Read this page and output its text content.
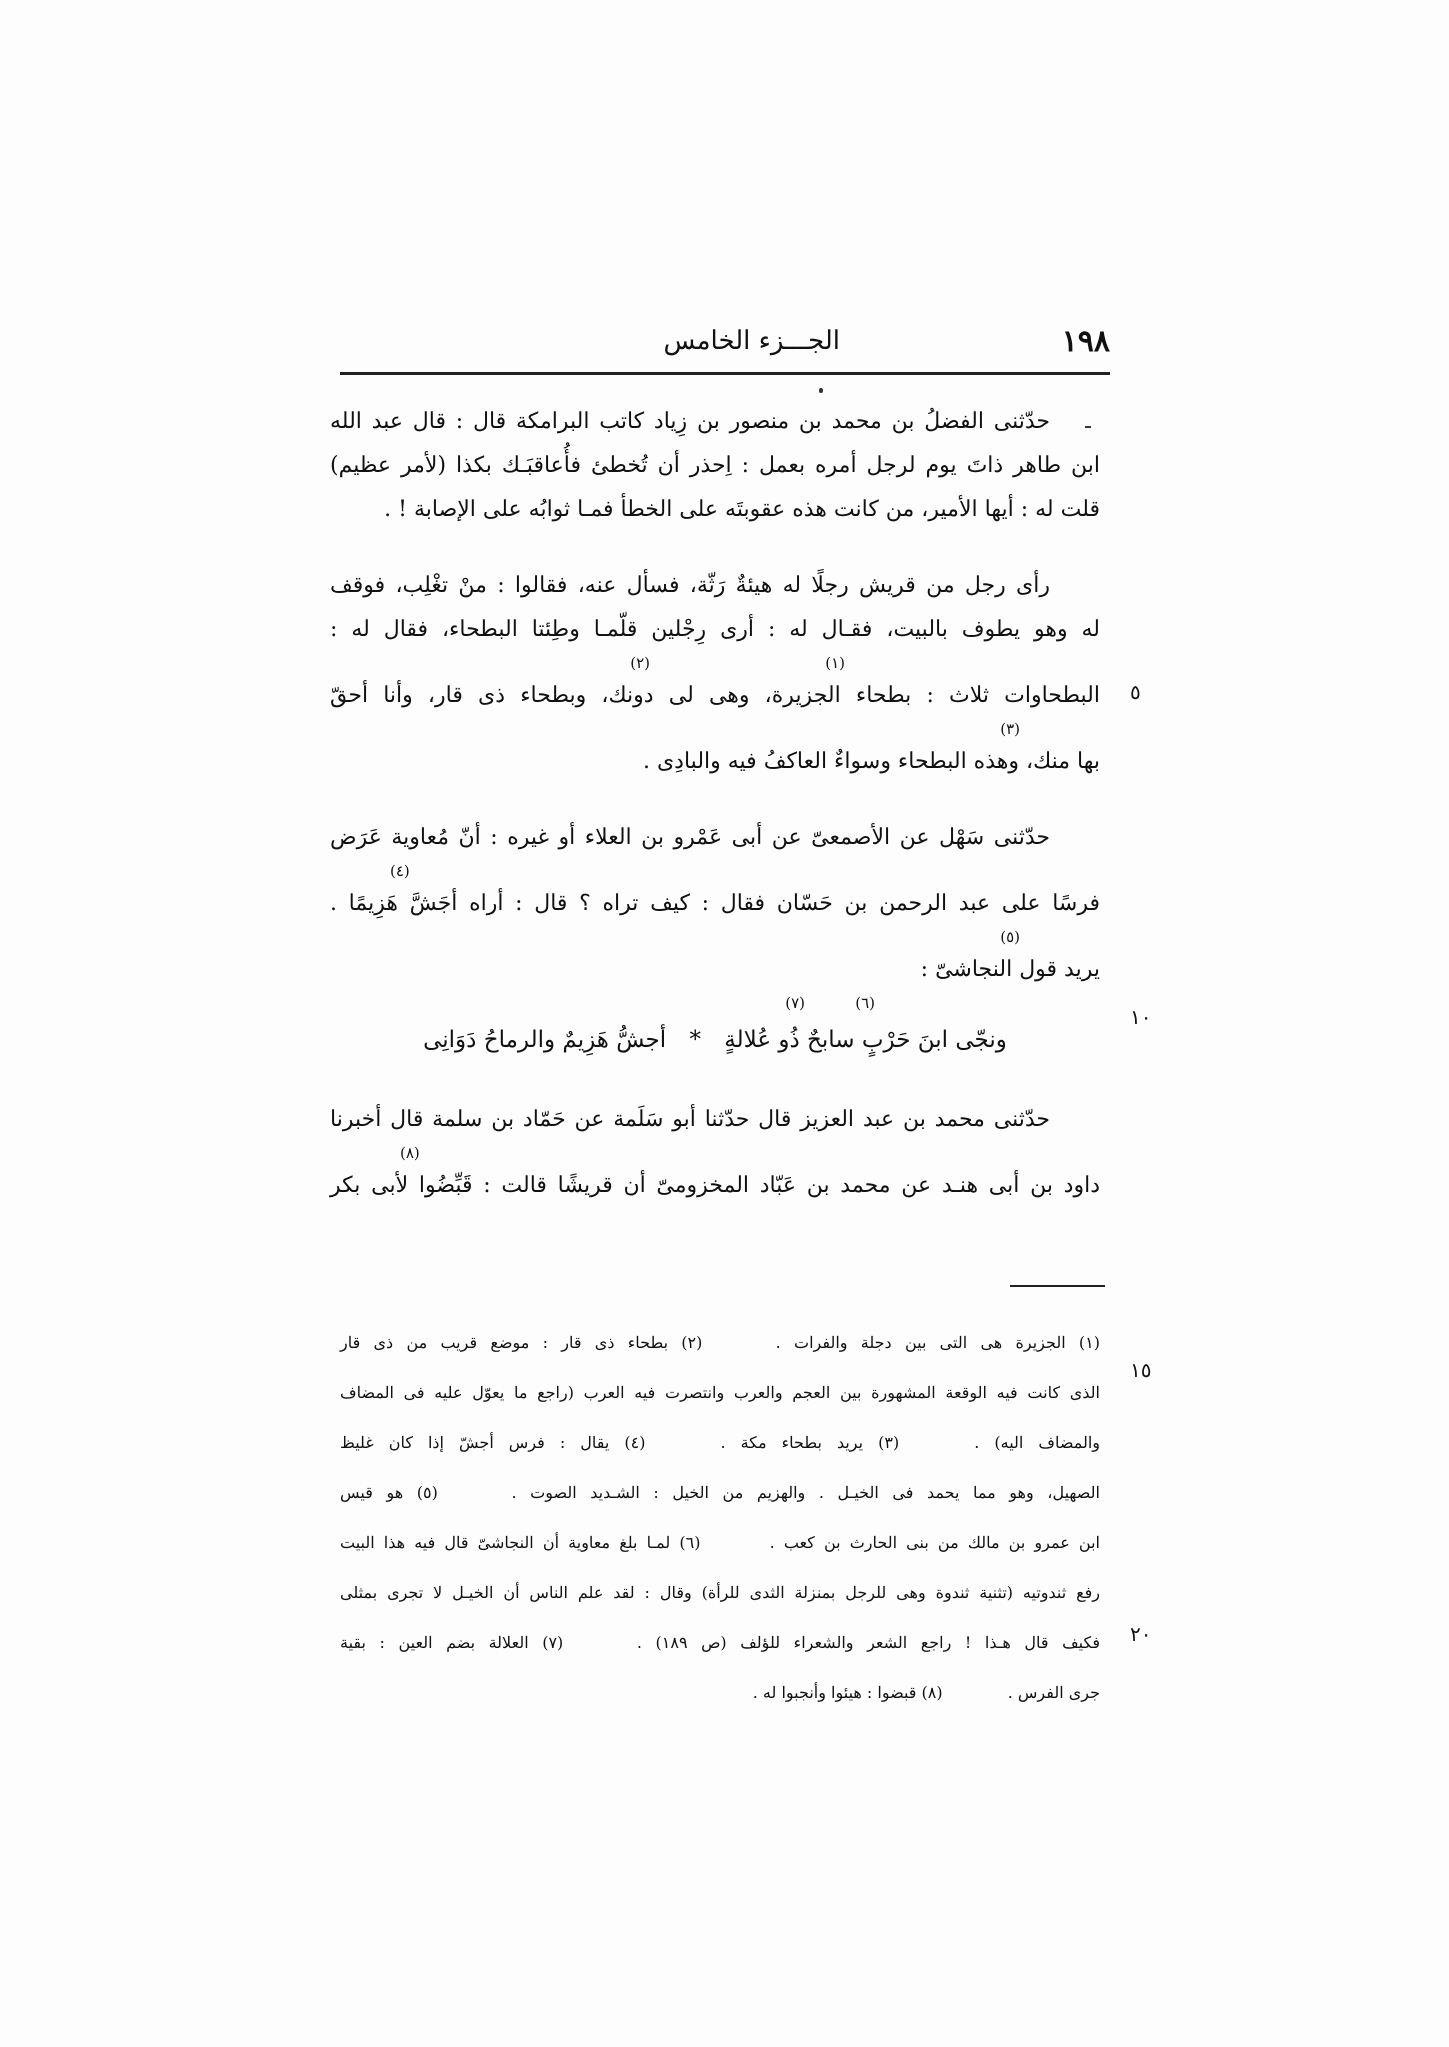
١٩٨
الجـــزء الخامس
حدّثنى الفضلُ بن محمد بن منصور بن زِياد كاتب البرامكة قال : قال عبد الله
ابن طاهر ذاتَ يوم لرجل أمره بعمل : اِحذر أن تُخطئ فأُعاقبَـك بكذا (لأمر عظيم)
قلت له : أيها الأمير، من كانت هذه عقوبتَه على الخطأ فمـا ثوابُه على الإصابة ! .
رأى رجل من قريش رجلًا له هيئةٌ رَثّة، فسأل عنه، فقالوا : منْ تغْلِب، فوقف
له وهو يطوف بالبيت، فقـال له : أرى رِجْلين قلّمـا وطِئتا البطحاء، فقال له :
(١)
(٢)
البطحاوات ثلاث : بطحاء الجزيرة، وهى لى دونك، وبطحاء ذى قار، وأنا أحقّ
(٣)
بها منك، وهذه البطحاء وسواءٌ العاكفُ فيه والبادِى .
حدّثنى سَهْل عن الأصمعىّ عن أبى عَمْرو بن العلاء أو غيره : أنّ مُعاوية عَرَض
(٤)
فرسًا على عبد الرحمن بن حَسّان فقال : كيف تراه ؟ قال : أراه أجَشَّ هَزِيمًا .
(٥)
يريد قول النجاشىّ :
(٦)
(٧)
ونجّى ابنَ حَرْبٍ سابحٌ ذُو عُلالةٍ * أجشُّ هَزِيمٌ والرماحُ دَوَانِى
حدّثنى محمد بن عبد العزيز قال حدّثنا أبو سَلَمة عن حَمّاد بن سلمة قال أخبرنا
(٨)
داود بن أبى هنـد عن محمد بن عَبّاد المخزومىّ أن قريشًا قالت : قَبِّضُوا لأبى بكر
٥
١٠
١٥
٢٠
(١) الجزيرة هى التى بين دجلة والفرات . (٢) بطحاء ذى قار : موضع قريب من ذى قار
الذى كانت فيه الوقعة المشهورة بين العجم والعرب وانتصرت فيه العرب (راجع ما يعوّل عليه فى المضاف
والمضاف اليه) . (٣) يريد بطحاء مكة . (٤) يقال : فرس أجشّ إذا كان غليظ
الصهيل، وهو مما يحمد فى الخيـل . والهزيم من الخيل : الشـديد الصوت . (٥) هو قيس
ابن عمرو بن مالك من بنى الحارث بن كعب . (٦) لمـا بلغ معاوية أن النجاشىّ قال فيه هذا البيت
رفع ثندوتيه (تثنية ثندوة وهى للرجل بمنزلة الثدى للرأة) وقال : لقد علم الناس أن الخيـل لا تجرى بمثلى
فكيف قال هـذا ! راجع الشعر والشعراء للؤلف (ص ١٨٩) . (٧) العلالة بضم العين : بقية
جرى الفرس . (٨) قبضوا : هيئوا وأنجبوا له .
